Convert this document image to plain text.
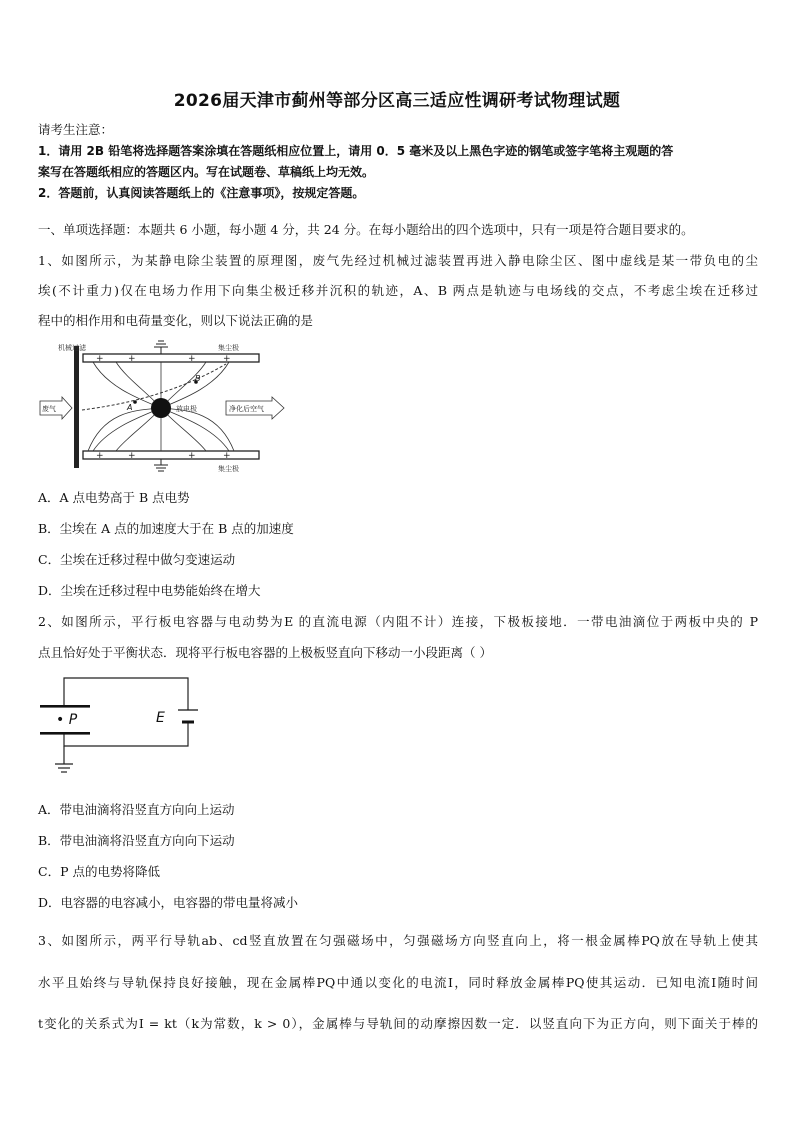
2026届天津市蓟州等部分区高三适应性调研考试物理试题
请考生注意：
1．请用 2B 铅笔将选择题答案涂填在答题纸相应位置上，请用 0．5 毫米及以上黑色字迹的钢笔或签字笔将主观题的答
案写在答题纸相应的答题区内。写在试题卷、草稿纸上均无效。
2．答题前，认真阅读答题纸上的《注意事项》，按规定答题。
一、单项选择题：本题共 6 小题，每小题 4 分，共 24 分。在每小题给出的四个选项中，只有一项是符合题目要求的。
1、如图所示，为某静电除尘装置的原理图，废气先经过机械过滤装置再进入静电除尘区、图中虚线是某一带负电的尘
埃(不计重力)仅在电场力作用下向集尘极迁移并沉积的轨迹，A、B 两点是轨迹与电场线的交点，不考虑尘埃在迁移过
程中的相作用和电荷量变化，则以下说法正确的是
机械过滤
+	+	+	+
+	+	+	+
集尘极
集尘极
A
B
放电极
废气	净化后空气
A．A 点电势高于 B 点电势
B．尘埃在 A 点的加速度大于在 B 点的加速度
C．尘埃在迁移过程中做匀变速运动
D．尘埃在迁移过程中电势能始终在增大
2、如图所示，平行板电容器与电动势为E 的直流电源（内阻不计）连接，下极板接地．一带电油滴位于两板中央的 P
点且恰好处于平衡状态．现将平行板电容器的上极板竖直向下移动一小段距离（ ）
• P	E
A．带电油滴将沿竖直方向向上运动
B．带电油滴将沿竖直方向向下运动
C．P 点的电势将降低
D．电容器的电容减小，电容器的带电量将减小
3、如图所示，两平行导轨ab、cd竖直放置在匀强磁场中，匀强磁场方向竖直向上，将一根金属棒PQ放在导轨上使其
水平且始终与导轨保持良好接触，现在金属棒PQ中通以变化的电流I，同时释放金属棒PQ使其运动．已知电流I随时间
t变化的关系式为I = kt（k为常数，k > 0），金属棒与导轨间的动摩擦因数一定．以竖直向下为正方向，则下面关于棒的
